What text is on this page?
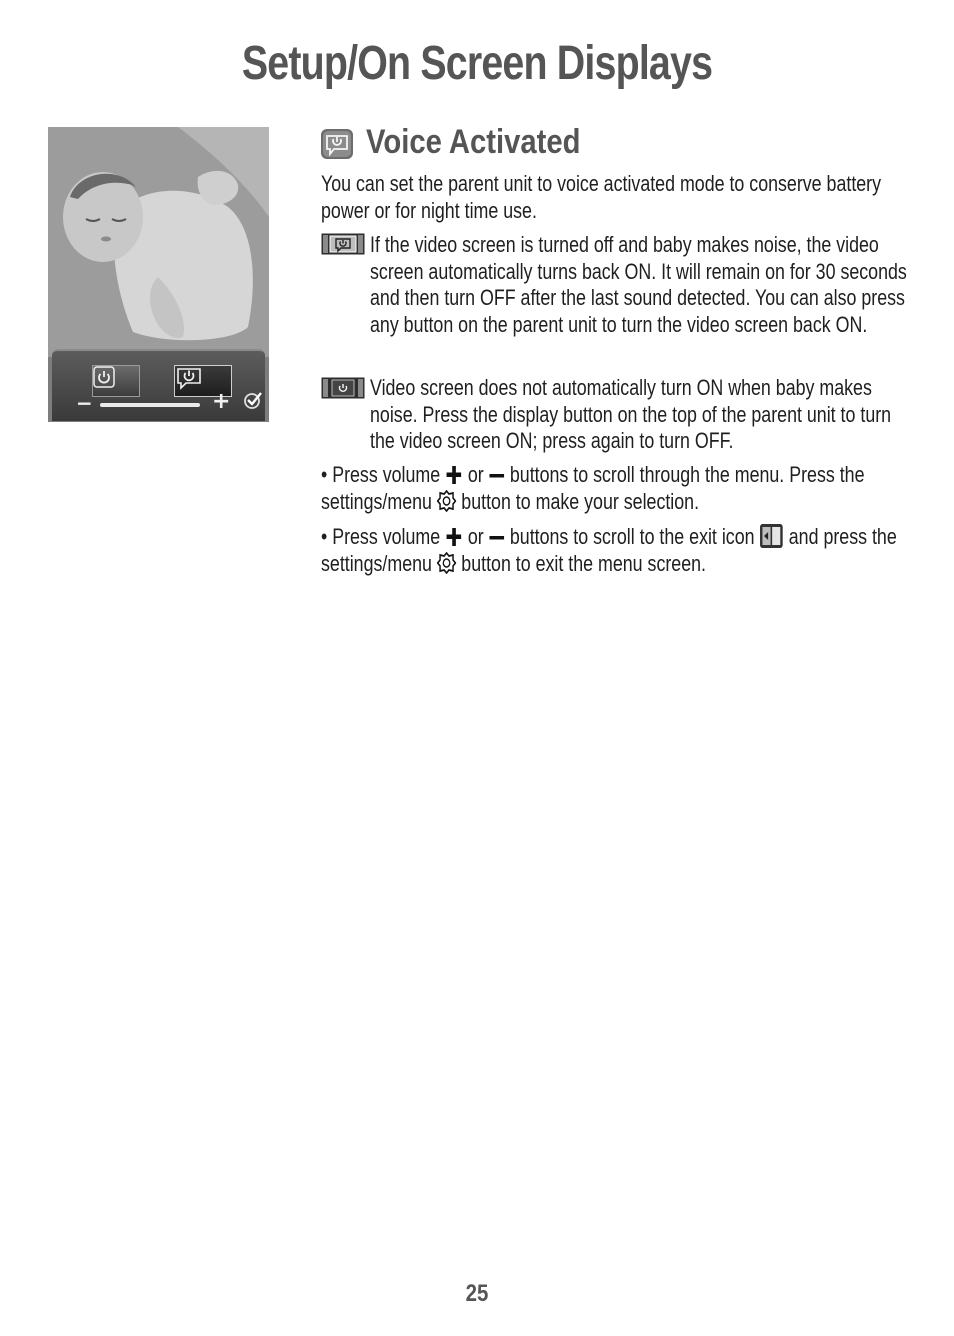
Setup/On Screen Displays
−	+
Voice Activated
You can set the parent unit to voice activated mode to conserve battery power or for night time use.
If the video screen is turned off and baby makes noise, the video screen automatically turns back ON. It will remain on for 30 seconds and then turn OFF after the last sound detected. You can also press any button on the parent unit to turn the video screen back ON.
Video screen does not automatically turn ON when baby makes noise. Press the display button on the top of the parent unit to turn the video screen ON; press again to turn OFF.
• Press volume or buttons to scroll through the menu. Press the settings/menu button to make your selection.
• Press volume or buttons to scroll to the exit icon and press the settings/menu button to exit the menu screen.
25
